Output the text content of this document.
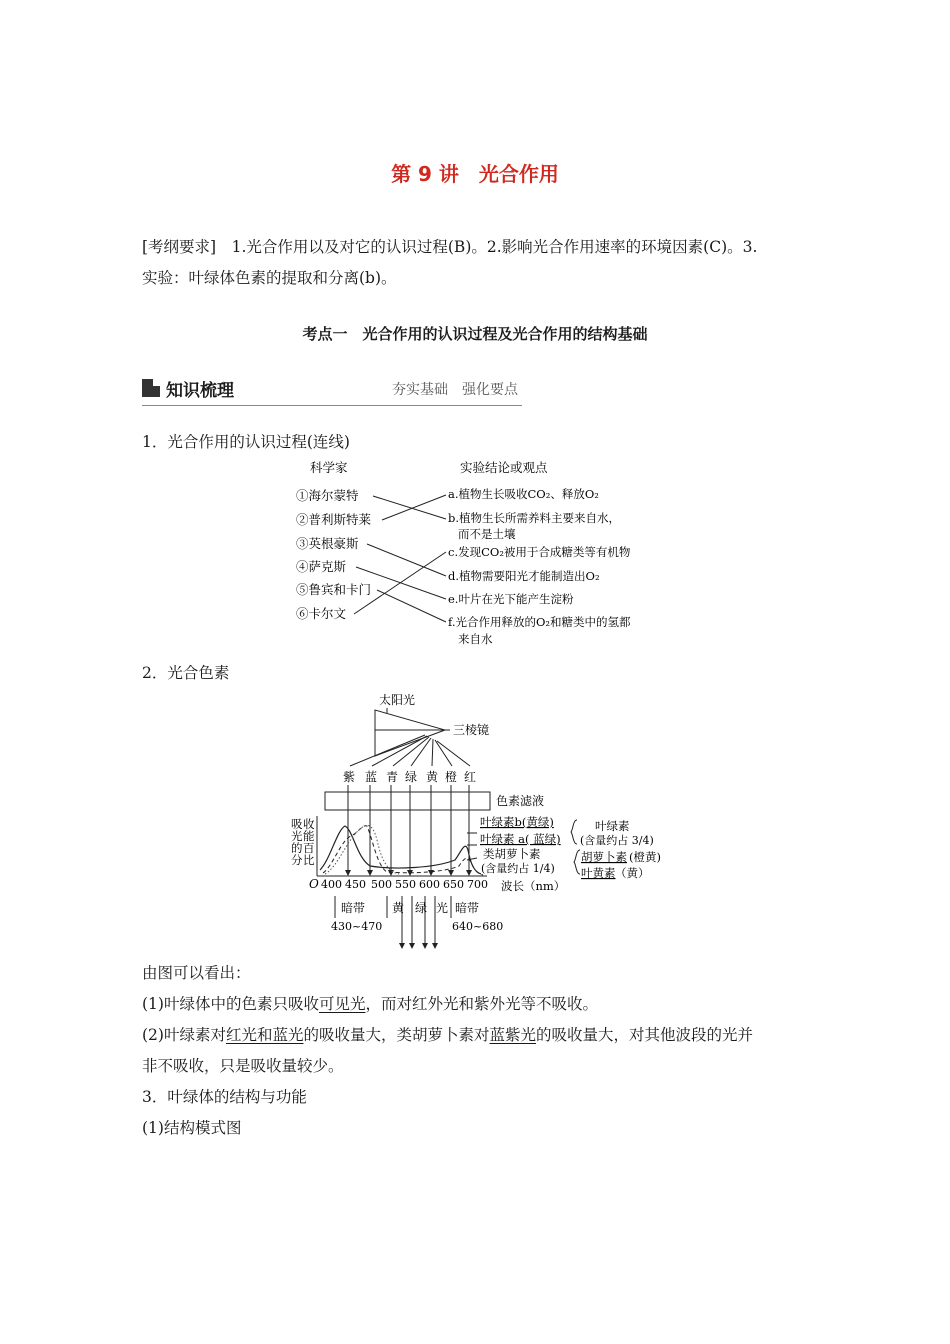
第 9 讲　光合作用
[考纲要求]　1.光合作用以及对它的认识过程(B)。2.影响光合作用速率的环境因素(C)。3.
实验：叶绿体色素的提取和分离(b)。
考点一　光合作用的认识过程及光合作用的结构基础
知识梳理	夯实基础　强化要点
1．光合作用的认识过程(连线)
科学家	实验结论或观点
①海尔蒙特
②普利斯特莱
③英根豪斯
④萨克斯
⑤鲁宾和卡门
⑥卡尔文
a.植物生长吸收CO₂、释放O₂
b.植物生长所需养料主要来自水，
而不是土壤
c.发现CO₂被用于合成糖类等有机物
d.植物需要阳光才能制造出O₂
e.叶片在光下能产生淀粉
f.光合作用释放的O₂和糖类中的氢都
来自水
2．光合色素
太阳光
三棱镜
紫 蓝 青 绿 黄 橙 红
色素滤液
吸 收
光 能
的 百
分 比
O 400 450 500 550 600 650 700 波长（nm）
叶绿素b(黄绿)
叶绿素 a( 蓝绿)
类胡萝卜素
(含量约占 1/4)
叶绿素
(含量约占 3/4)
胡萝卜素 (橙黄)
叶黄素 （黄）
暗带
430~470
黄 绿 光 暗带
640~680
由图可以看出：
(1)叶绿体中的色素只吸收可见光，而对红外光和紫外光等不吸收。
(2)叶绿素对红光和蓝光的吸收量大，类胡萝卜素对蓝紫光的吸收量大，对其他波段的光并
非不吸收，只是吸收量较少。
3．叶绿体的结构与功能
(1)结构模式图
